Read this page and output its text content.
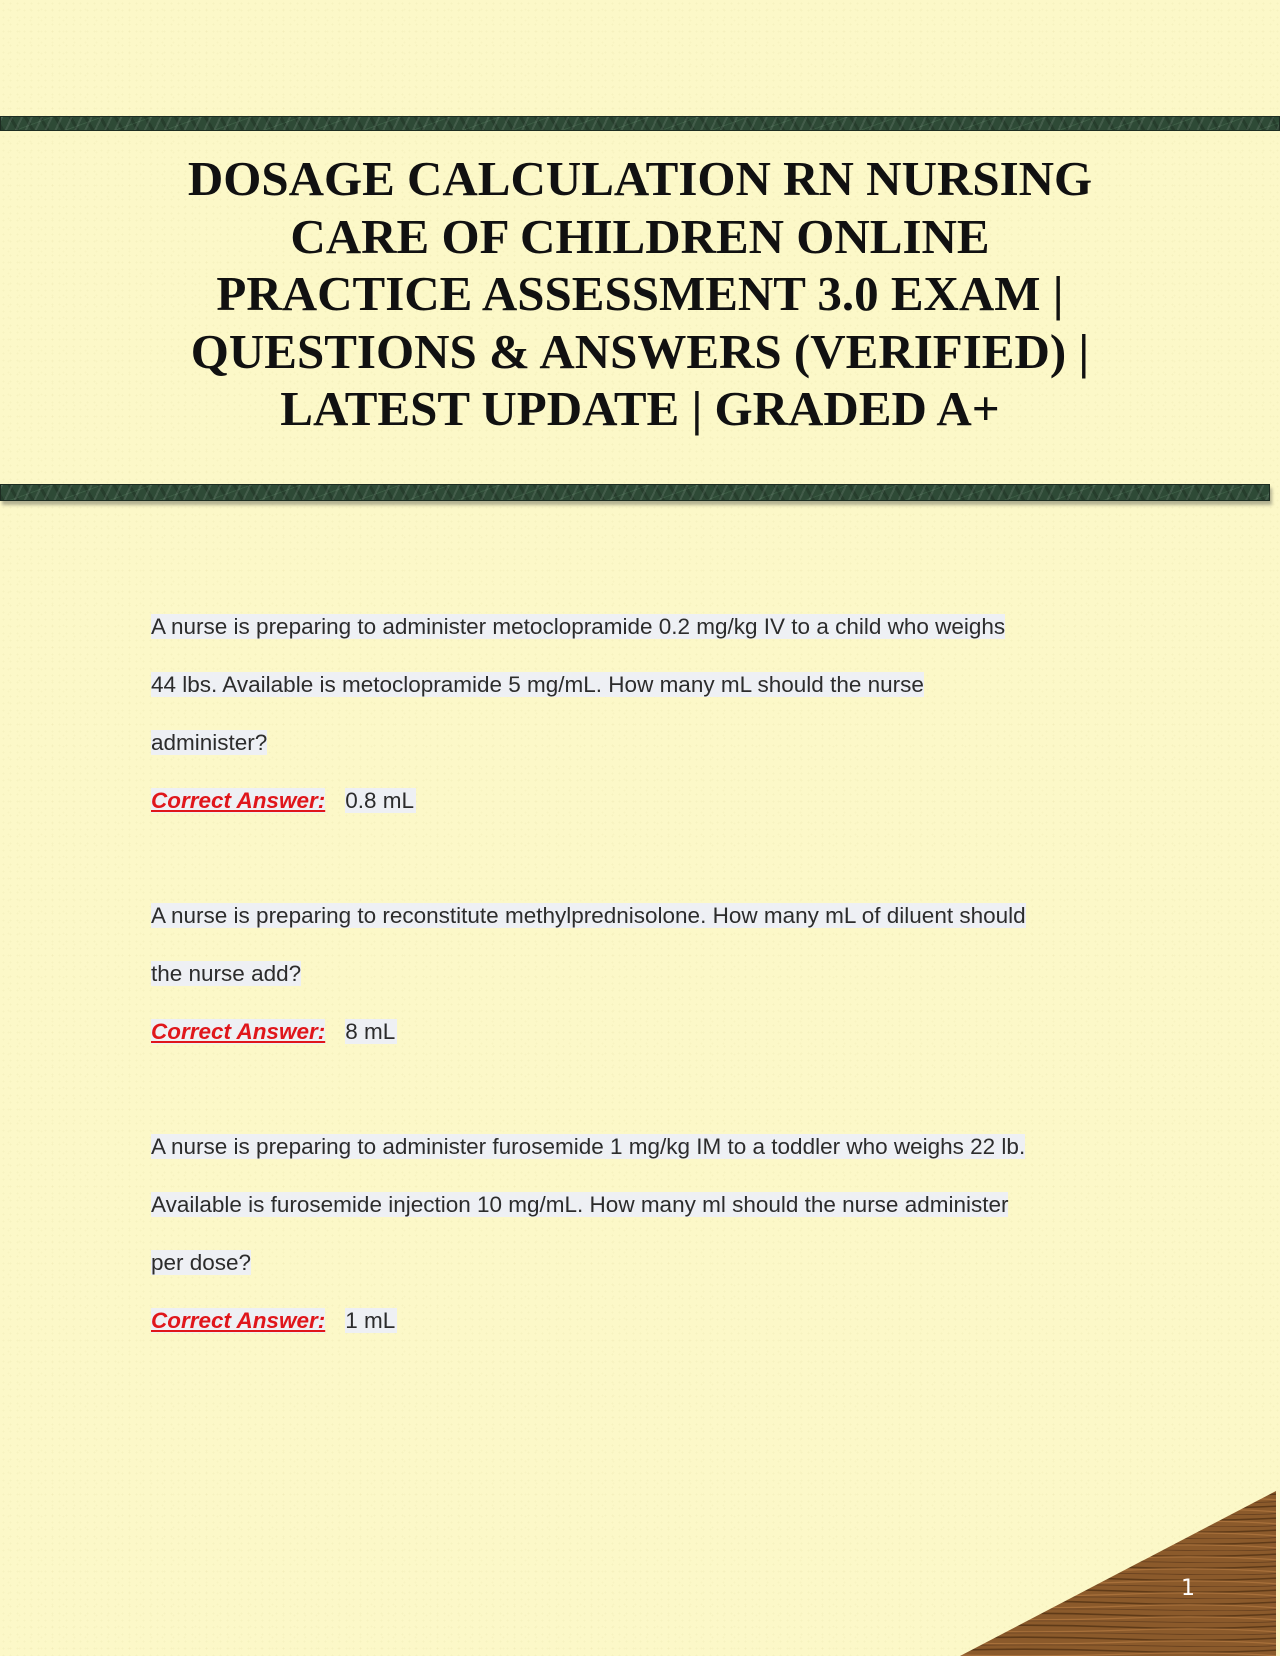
DOSAGE CALCULATION RN NURSING
CARE OF CHILDREN ONLINE
PRACTICE ASSESSMENT 3.0 EXAM |
QUESTIONS & ANSWERS (VERIFIED) |
LATEST UPDATE | GRADED A+
A nurse is preparing to administer metoclopramide 0.2 mg/kg IV to a child who weighs
44 lbs. Available is metoclopramide 5 mg/mL. How many mL should the nurse
administer?
Correct Answer: 0.8 mL
A nurse is preparing to reconstitute methylprednisolone. How many mL of diluent should
the nurse add?
Correct Answer: 8 mL
A nurse is preparing to administer furosemide 1 mg/kg IM to a toddler who weighs 22 lb.
Available is furosemide injection 10 mg/mL. How many ml should the nurse administer
per dose?
Correct Answer: 1 mL
1
